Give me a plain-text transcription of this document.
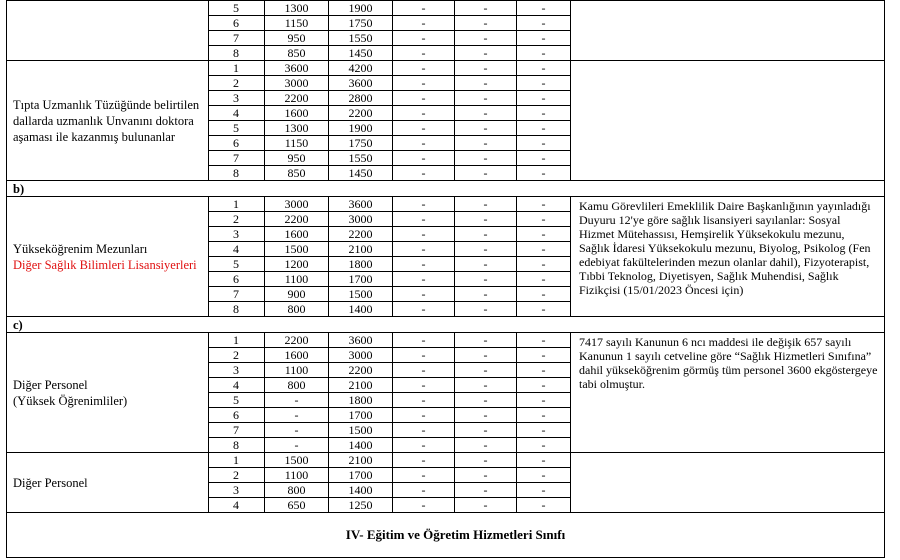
	5	1300	1900	-	-	-	
	6	1150	1750	-	-	-	
	7	950	1550	-	-	-	
	8	850	1450	-	-	-	
Tıpta Uzmanlık Tüzüğünde belirtilen dallarda uzmanlık Unvanını doktora aşaması ile kazanmış bulunanlar	1	3600	4200	-	-	-	
	2	3000	3600	-	-	-	
	3	2200	2800	-	-	-	
	4	1600	2200	-	-	-	
	5	1300	1900	-	-	-	
	6	1150	1750	-	-	-	
	7	950	1550	-	-	-	
	8	850	1450	-	-	-	
b)							
Yükseköğrenim Mezunları
Diğer Sağlık Bilimleri Lisansiyerleri	1	3000	3600	-	-	-	Kamu Görevlileri Emeklilik Daire Başkanlığının yayınladığı Duyuru 12'ye göre sağlık lisansiyeri sayılanlar: Sosyal Hizmet Mütehassısı, Hemşirelik Yüksekokulu mezunu, Sağlık İdaresi Yüksekokulu mezunu, Biyolog, Psikolog (Fen edebiyat fakültelerinden mezun olanlar dahil), Fizyoterapist, Tıbbi Teknolog, Diyetisyen, Sağlık Muhendisi, Sağlık Fizikçisi (15/01/2023 Öncesi için)
	2	2200	3000	-	-	-	
	3	1600	2200	-	-	-	
	4	1500	2100	-	-	-	
	5	1200	1800	-	-	-	
	6	1100	1700	-	-	-	
	7	900	1500	-	-	-	
	8	800	1400	-	-	-	
c)							
Diğer Personel
(Yüksek Öğrenimliler)	1	2200	3600	-	-	-	7417 sayılı Kanunun 6 ncı maddesi ile değişik 657 sayılı Kanunun 1 sayılı cetveline göre “Sağlık Hizmetleri Sınıfına” dahil yükseköğrenim görmüş tüm personel 3600 ekgöstergeye tabi olmuştur.
	2	1600	3000	-	-	-	
	3	1100	2200	-	-	-	
	4	800	2100	-	-	-	
	5	-	1800	-	-	-	
	6	-	1700	-	-	-	
	7	-	1500	-	-	-	
	8	-	1400	-	-	-	
Diğer Personel	1	1500	2100	-	-	-	
	2	1100	1700	-	-	-	
	3	800	1400	-	-	-	
	4	650	1250	-	-	-	
IV- Eğitim ve Öğretim Hizmetleri Sınıfı							
